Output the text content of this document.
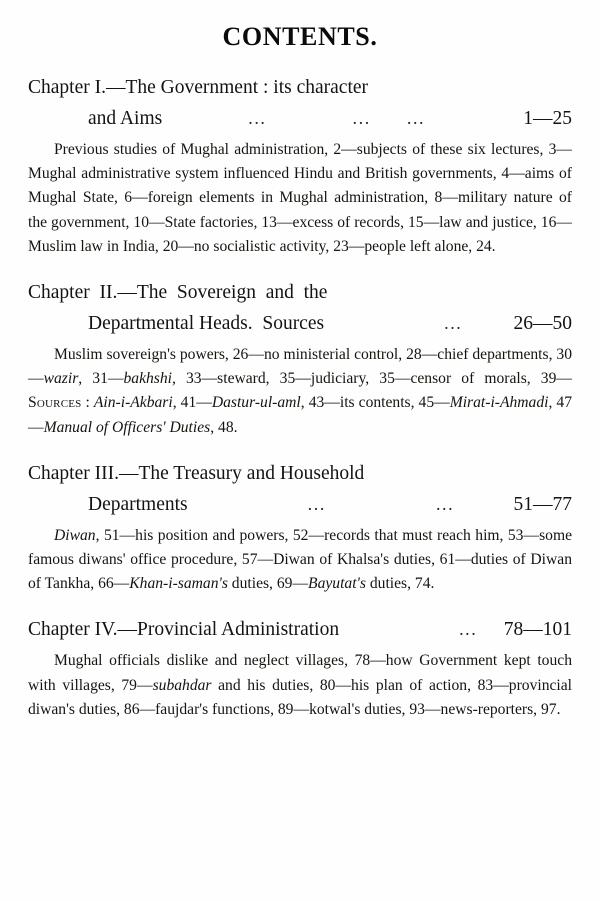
CONTENTS.
Chapter I.—The Government : its character
and Aims	...	... ...	1—25

Previous studies of Mughal administration, 2—subjects of these six lectures, 3—Mughal administrative system influenced Hindu and British governments, 4—aims of Mughal State, 6—foreign elements in Mughal administration, 8—military nature of the government, 10—State factories, 13—excess of records, 15—law and justice, 16—Muslim law in India, 20—no socialistic activity, 23—people left alone, 24.

Chapter  II.—The  Sovereign  and  the
Departmental Heads.  Sources	...	26—50

Muslim sovereign's powers, 26—no ministerial control, 28—chief departments, 30—wazir, 31—bakhshi, 33—steward, 35—judiciary, 35—censor of morals, 39—Sources : Ain-i-Akbari, 41—Dastur-ul-aml, 43—its contents, 45—Mirat-i-Ahmadi, 47—Manual of Officers' Duties, 48.

Chapter III.—The Treasury and Household
Departments	...	...	51—77

Diwan, 51—his position and powers, 52—records that must reach him, 53—some famous diwans' office procedure, 57—Diwan of Khalsa's duties, 61—duties of Diwan of Tankha, 66—Khan-i-saman's duties, 69—Bayutat's duties, 74.

Chapter IV.—Provincial Administration	...	78—101

Mughal officials dislike and neglect villages, 78—how Government kept touch with villages, 79—subahdar and his duties, 80—his plan of action, 83—provincial diwan's duties, 86—faujdar's functions, 89—kotwal's duties, 93—news-reporters, 97.
